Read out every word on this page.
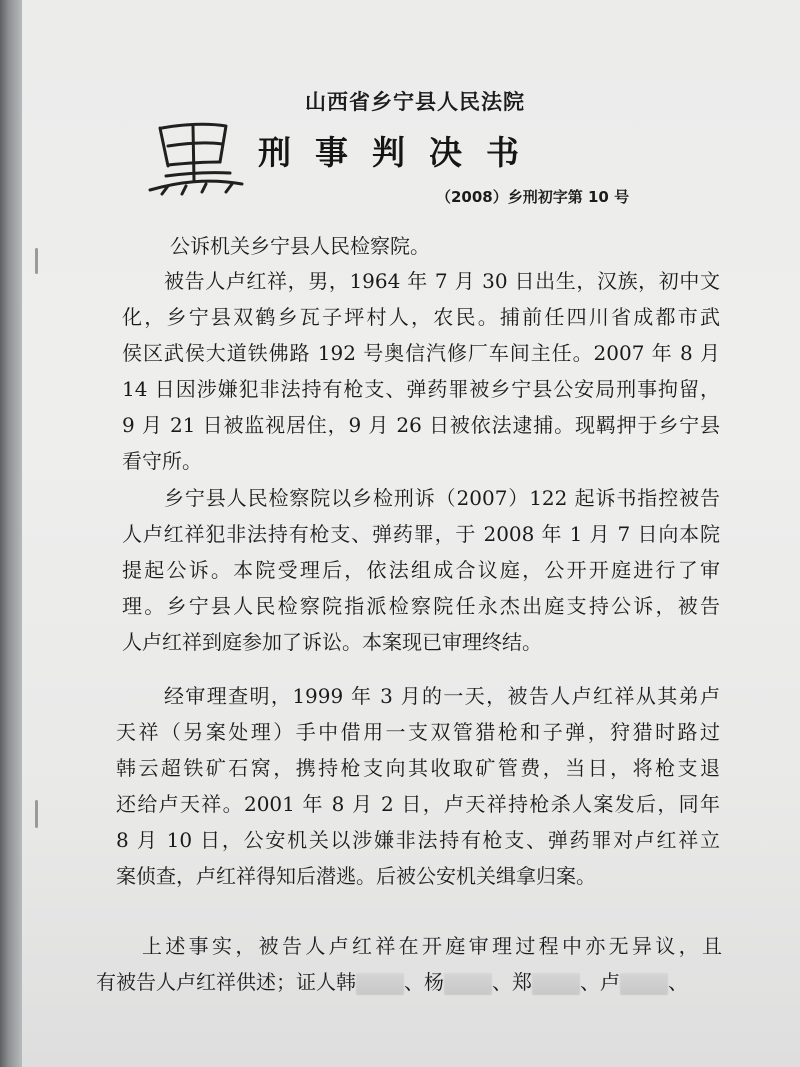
山西省乡宁县人民法院
刑事判决书
（2008）乡刑初字第 10 号
公诉机关乡宁县人民检察院。
被告人卢红祥，男，1964 年 7 月 30 日出生，汉族，初中文
化，乡宁县双鹤乡瓦子坪村人，农民。捕前任四川省成都市武
侯区武侯大道铁佛路 192 号奥信汽修厂车间主任。2007 年 8 月
14 日因涉嫌犯非法持有枪支、弹药罪被乡宁县公安局刑事拘留，
9 月 21 日被监视居住，9 月 26 日被依法逮捕。现羁押于乡宁县
看守所。
乡宁县人民检察院以乡检刑诉（2007）122 起诉书指控被告
人卢红祥犯非法持有枪支、弹药罪，于 2008 年 1 月 7 日向本院
提起公诉。本院受理后，依法组成合议庭，公开开庭进行了审
理。乡宁县人民检察院指派检察院任永杰出庭支持公诉，被告
人卢红祥到庭参加了诉讼。本案现已审理终结。
经审理查明，1999 年 3 月的一天，被告人卢红祥从其弟卢
天祥（另案处理）手中借用一支双管猎枪和子弹，狩猎时路过
韩云超铁矿石窝，携持枪支向其收取矿管费，当日，将枪支退
还给卢天祥。2001 年 8 月 2 日，卢天祥持枪杀人案发后，同年
8 月 10 日，公安机关以涉嫌非法持有枪支、弹药罪对卢红祥立
案侦查，卢红祥得知后潜逃。后被公安机关缉拿归案。
上述事实，被告人卢红祥在开庭审理过程中亦无异议，且
有被告人卢红祥供述；证人韩 、杨 、郑 、卢 、
